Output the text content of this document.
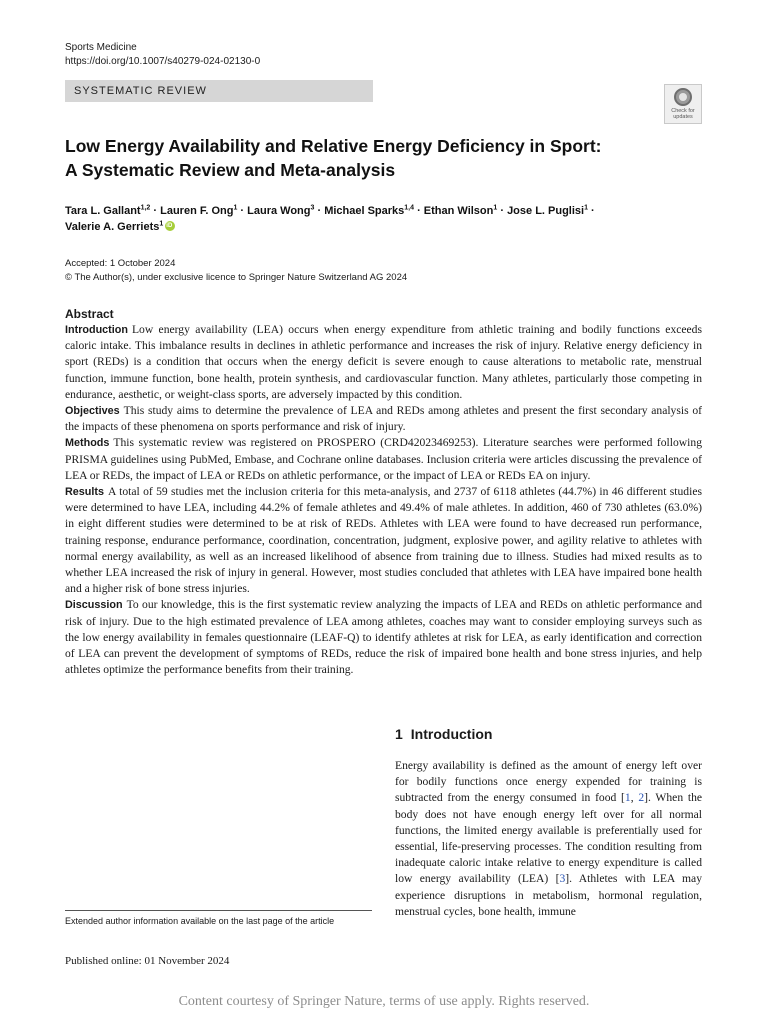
Sports Medicine
https://doi.org/10.1007/s40279-024-02130-0
SYSTEMATIC REVIEW
Check for updates
Low Energy Availability and Relative Energy Deficiency in Sport:
A Systematic Review and Meta-analysis
Tara L. Gallant$^{1,2}$ · Lauren F. Ong$^1$ · Laura Wong$^3$ · Michael Sparks$^{1,4}$ · Ethan Wilson$^1$ · Jose L. Puglisi$^1$ ·
Valerie A. Gerriets$^1$iD
Accepted: 1 October 2024
© The Author(s), under exclusive licence to Springer Nature Switzerland AG 2024
Abstract

Introduction Low energy availability (LEA) occurs when energy expenditure from athletic training and bodily functions exceeds caloric intake. This imbalance results in declines in athletic performance and increases the risk of injury. Relative energy deficiency in sport (REDs) is a condition that occurs when the energy deficit is severe enough to cause alterations to metabolic rate, menstrual function, immune function, bone health, protein synthesis, and cardiovascular function. Many athletes, particularly those competing in endurance, aesthetic, or weight-class sports, are adversely impacted by this condition.

Objectives This study aims to determine the prevalence of LEA and REDs among athletes and present the first secondary analysis of the impacts of these phenomena on sports performance and risk of injury.

Methods This systematic review was registered on PROSPERO (CRD42023469253). Literature searches were performed following PRISMA guidelines using PubMed, Embase, and Cochrane online databases. Inclusion criteria were articles discussing the prevalence of LEA or REDs, the impact of LEA or REDs on athletic performance, or the impact of LEA or REDs EA on injury.

Results A total of 59 studies met the inclusion criteria for this meta-analysis, and 2737 of 6118 athletes (44.7%) in 46 different studies were determined to have LEA, including 44.2% of female athletes and 49.4% of male athletes. In addition, 460 of 730 athletes (63.0%) in eight different studies were determined to be at risk of REDs. Athletes with LEA were found to have decreased run performance, training response, endurance performance, coordination, concentration, judgment, explosive power, and agility relative to athletes with normal energy availability, as well as an increased likelihood of absence from training due to illness. Studies had mixed results as to whether LEA increased the risk of injury in general. However, most studies concluded that athletes with LEA have impaired bone health and a higher risk of bone stress injuries.

Discussion To our knowledge, this is the first systematic review analyzing the impacts of LEA and REDs on athletic performance and risk of injury. Due to the high estimated prevalence of LEA among athletes, coaches may want to consider employing surveys such as the low energy availability in females questionnaire (LEAF-Q) to identify athletes at risk for LEA, as early identification and correction of LEA can prevent the development of symptoms of REDs, reduce the risk of impaired bone health and bone stress injuries, and help athletes optimize the performance benefits from their training.

1 Introduction
Energy availability is defined as the amount of energy left over for bodily functions once energy expended for training is subtracted from the energy consumed in food [1, 2]. When the body does not have enough energy left over for all normal functions, the limited energy available is preferentially used for essential, life-preserving processes. The condition resulting from inadequate caloric intake relative to energy expenditure is called low energy availability (LEA) [3]. Athletes with LEA may experience disruptions in metabolism, hormonal regulation, menstrual cycles, bone health, immune
Extended author information available on the last page of the article
Published online: 01 November 2024
Content courtesy of Springer Nature, terms of use apply. Rights reserved.
